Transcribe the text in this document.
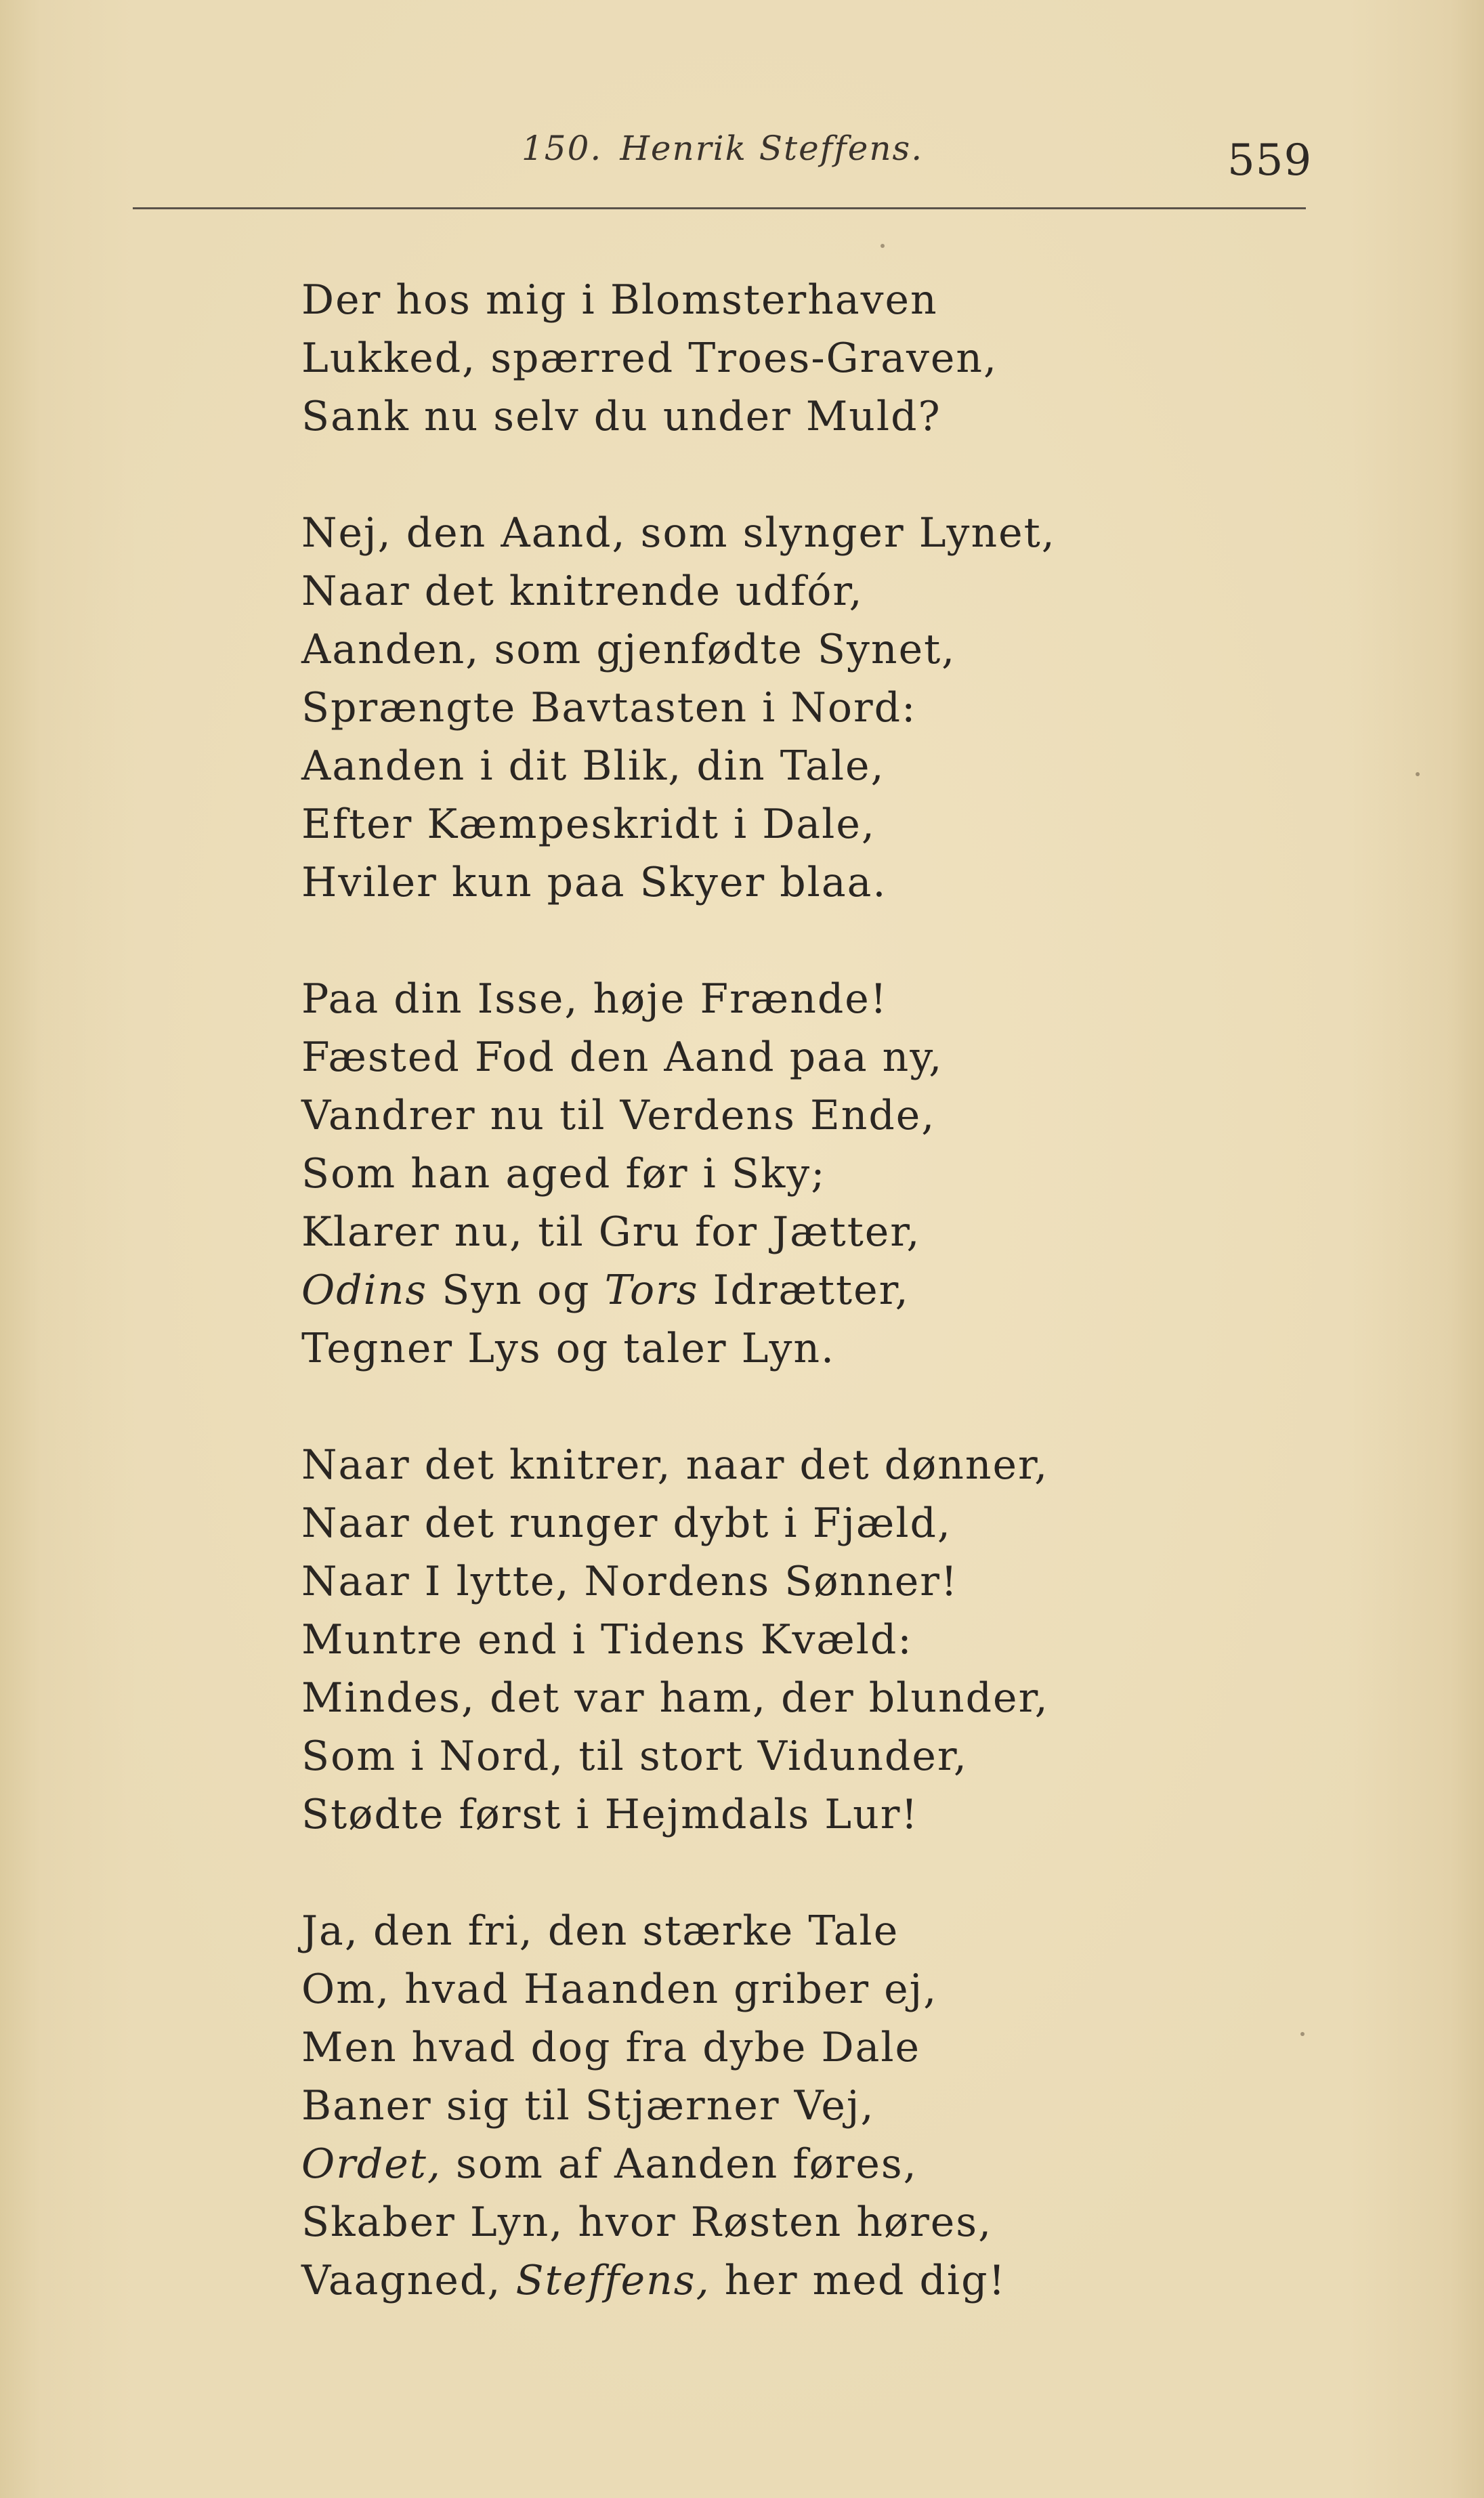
150. Henrik Steffens.	559
Der hos mig i Blomsterhaven
Lukked, spærred Troes-Graven,
Sank nu selv du under Muld?
Nej, den Aand, som slynger Lynet,
Naar det knitrende udfór,
Aanden, som gjenfødte Synet,
Sprængte Bavtasten i Nord:
Aanden i dit Blik, din Tale,
Efter Kæmpeskridt i Dale,
Hviler kun paa Skyer blaa.
Paa din Isse, høje Frænde!
Fæsted Fod den Aand paa ny,
Vandrer nu til Verdens Ende,
Som han aged før i Sky;
Klarer nu, til Gru for Jætter,
Odins Syn og Tors Idrætter,
Tegner Lys og taler Lyn.
Naar det knitrer, naar det dønner,
Naar det runger dybt i Fjæld,
Naar I lytte, Nordens Sønner!
Muntre end i Tidens Kvæld:
Mindes, det var ham, der blunder,
Som i Nord, til stort Vidunder,
Stødte først i Hejmdals Lur!
Ja, den fri, den stærke Tale
Om, hvad Haanden griber ej,
Men hvad dog fra dybe Dale
Baner sig til Stjærner Vej,
Ordet, som af Aanden føres,
Skaber Lyn, hvor Røsten høres,
Vaagned, Steffens, her med dig!
